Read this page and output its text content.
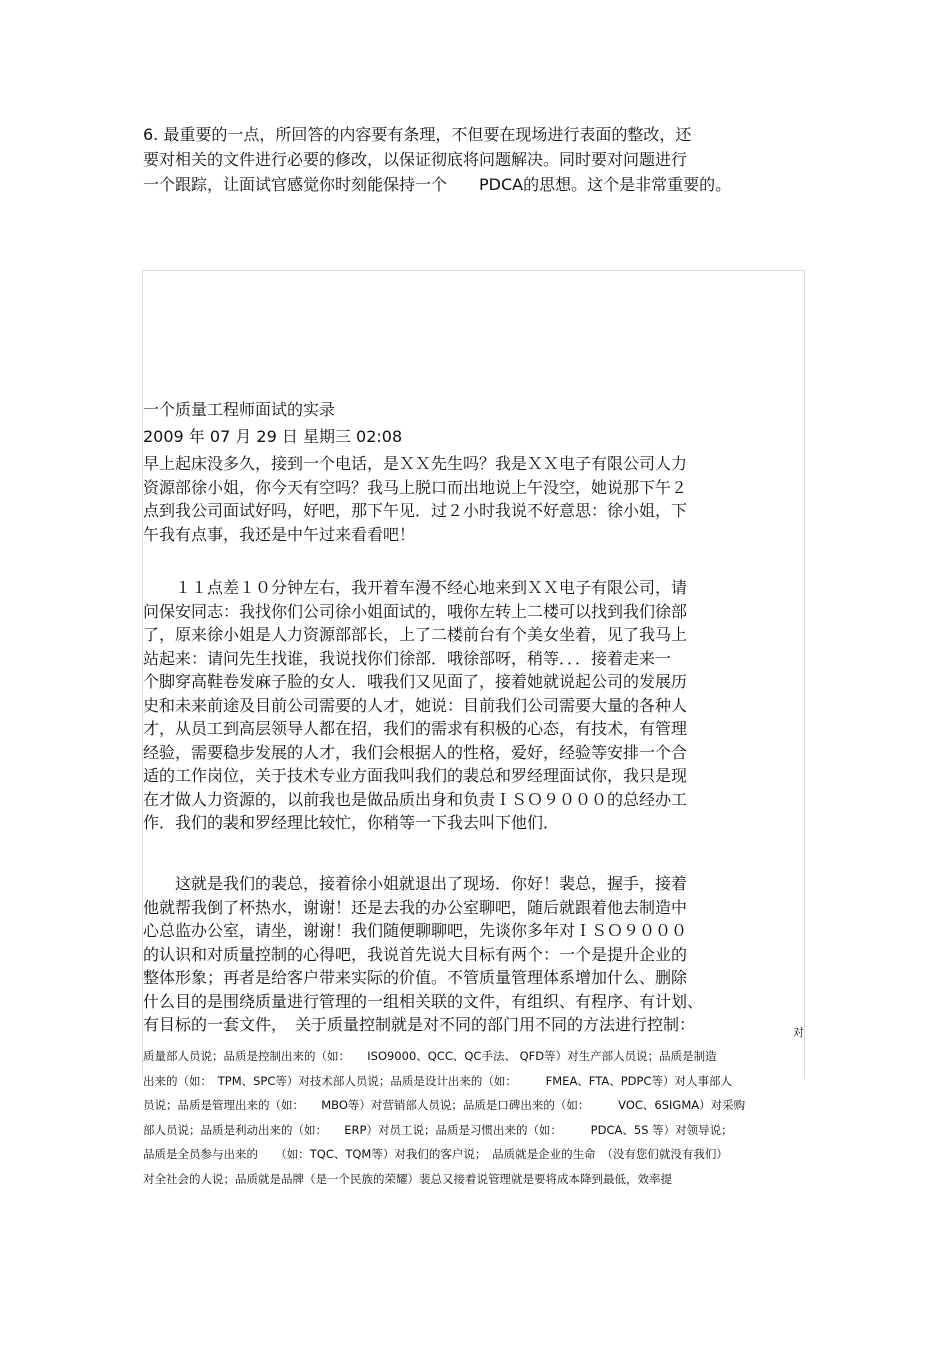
6. 最重要的一点，所回答的内容要有条理，不但要在现场进行表面的整改，还
要对相关的文件进行必要的修改，以保证彻底将问题解决。同时要对问题进行
一个跟踪，让面试官感觉你时刻能保持一个　　PDCA的思想。这个是非常重要的。
一个质量工程师面试的实录
2009 年 07 月 29 日 星期三 02:08
早上起床没多久，接到一个电话，是ＸＸ先生吗？我是ＸＸ电子有限公司人力
资源部徐小姐，你今天有空吗？我马上脱口而出地说上午没空，她说那下午２
点到我公司面试好吗，好吧，那下午见．过２小时我说不好意思：徐小姐，下
午我有点事，我还是中午过来看看吧！
　　１１点差１０分钟左右，我开着车漫不经心地来到ＸＸ电子有限公司，请
问保安同志：我找你们公司徐小姐面试的，哦你左转上二楼可以找到我们徐部
了，原来徐小姐是人力资源部部长，上了二楼前台有个美女坐着，见了我马上
站起来：请问先生找谁，我说找你们徐部．哦徐部呀，稍等．．．接着走来一
个脚穿高鞋卷发麻子脸的女人．哦我们又见面了，接着她就说起公司的发展历
史和未来前途及目前公司需要的人才，她说：目前我们公司需要大量的各种人
才，从员工到高层领导人都在招，我们的需求有积极的心态，有技术，有管理
经验，需要稳步发展的人才，我们会根据人的性格，爱好，经验等安排一个合
适的工作岗位，关于技术专业方面我叫我们的裴总和罗经理面试你，我只是现
在才做人力资源的，以前我也是做品质出身和负责ＩＳＯ９０００的总经办工
作．我们的裴和罗经理比较忙，你稍等一下我去叫下他们．
　　这就是我们的裴总，接着徐小姐就退出了现场．你好！裴总，握手，接着
他就帮我倒了杯热水，谢谢！还是去我的办公室聊吧，随后就跟着他去制造中
心总监办公室，请坐，谢谢！我们随便聊聊吧，先谈你多年对ＩＳＯ９０００
的认识和对质量控制的心得吧，我说首先说大目标有两个：一个是提升企业的
整体形象；再者是给客户带来实际的价值。不管质量管理体系增加什么、删除
什么目的是围绕质量进行管理的一组相关联的文件，有组织、有程序、有计划、
有目标的一套文件，　关于质量控制就是对不同的部门用不同的方法进行控制：	对
质量部人员说；品质是控制出来的（如：　　ISO9000、QCC、QC手法、 QFD等）对生产部人员说；品质是制造
出来的（如：　TPM、SPC等）对技术部人员说；品质是设计出来的（如：　　　FMEA、FTA、PDPC等）对人事部人
员说；品质是管理出来的（如：　　MBO等）对营销部人员说；品质是口碑出来的（如：　　　VOC、6SIGMA）对采购
部人员说；品质是利动出来的（如：　　ERP）对员工说；品质是习惯出来的（如：　　　PDCA、5S 等）对领导说；
品质是全员参与出来的　　（如：TQC、TQM等）对我们的客户说；　品质就是企业的生命　（没有您们就没有我们）
对全社会的人说；品质就是品牌（是一个民族的荣耀）裴总又接着说管理就是要将成本降到最低，效率提
